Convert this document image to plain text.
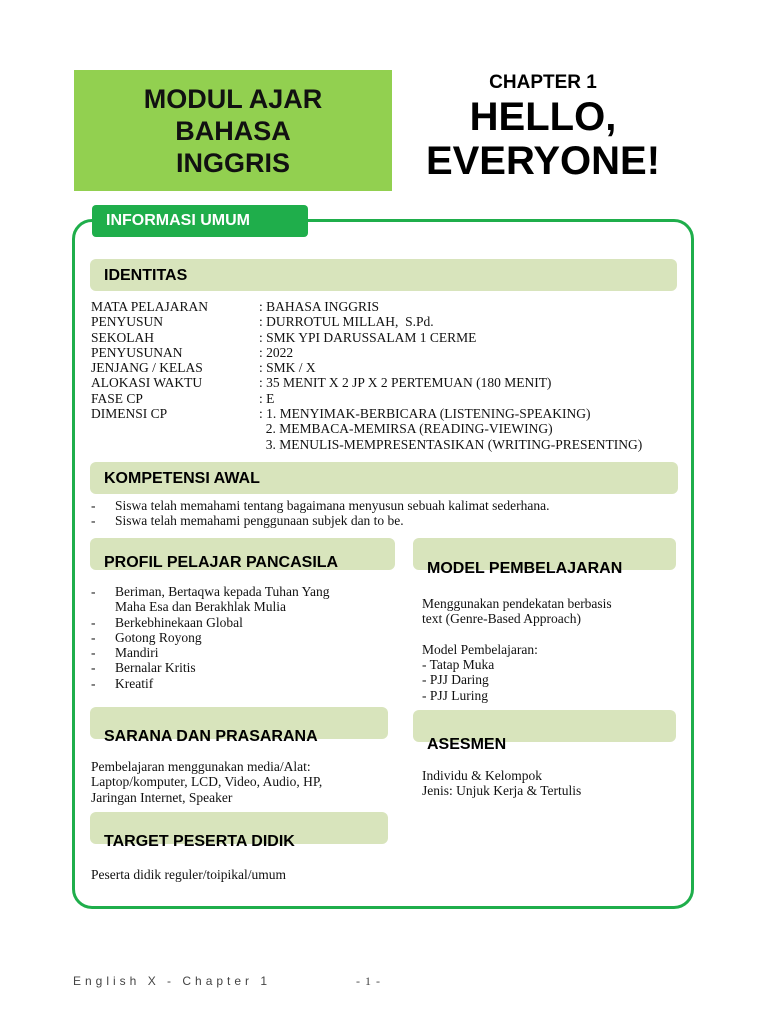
MODUL AJAR
BAHASA
INGGRIS
CHAPTER 1
HELLO,
EVERYONE!
INFORMASI UMUM
IDENTITAS
MATA PELAJARAN	: BAHASA INGGRIS
PENYUSUN	: DURROTUL MILLAH,  S.Pd.
SEKOLAH	: SMK YPI DARUSSALAM 1 CERME
PENYUSUNAN	: 2022
JENJANG / KELAS	: SMK / X
ALOKASI WAKTU	: 35 MENIT X 2 JP X 2 PERTEMUAN (180 MENIT)
FASE CP	: E
DIMENSI CP	: 1. MENYIMAK-BERBICARA (LISTENING-SPEAKING)
2. MEMBACA-MEMIRSA (READING-VIEWING)
3. MENULIS-MEMPRESENTASIKAN (WRITING-PRESENTING)
KOMPETENSI AWAL
-	Siswa telah memahami tentang bagaimana menyusun sebuah kalimat sederhana.
-	Siswa telah memahami penggunaan subjek dan to be.
PROFIL PELAJAR PANCASILA
-	Beriman, Bertaqwa kepada Tuhan Yang Maha Esa dan Berakhlak Mulia
-	Berkebhinekaan Global
-	Gotong Royong
-	Mandiri
-	Bernalar Kritis
-	Kreatif
MODEL PEMBELAJARAN
Menggunakan pendekatan berbasis
text (Genre-Based Approach)
Model Pembelajaran:
- Tatap Muka
- PJJ Daring
- PJJ Luring
SARANA DAN PRASARANA
Pembelajaran menggunakan media/Alat:
Laptop/komputer, LCD, Video, Audio, HP,
Jaringan Internet, Speaker
ASESMEN
Individu & Kelompok
Jenis: Unjuk Kerja & Tertulis
TARGET PESERTA DIDIK
Peserta didik reguler/toipikal/umum
English X - Chapter 1	- 1 -
